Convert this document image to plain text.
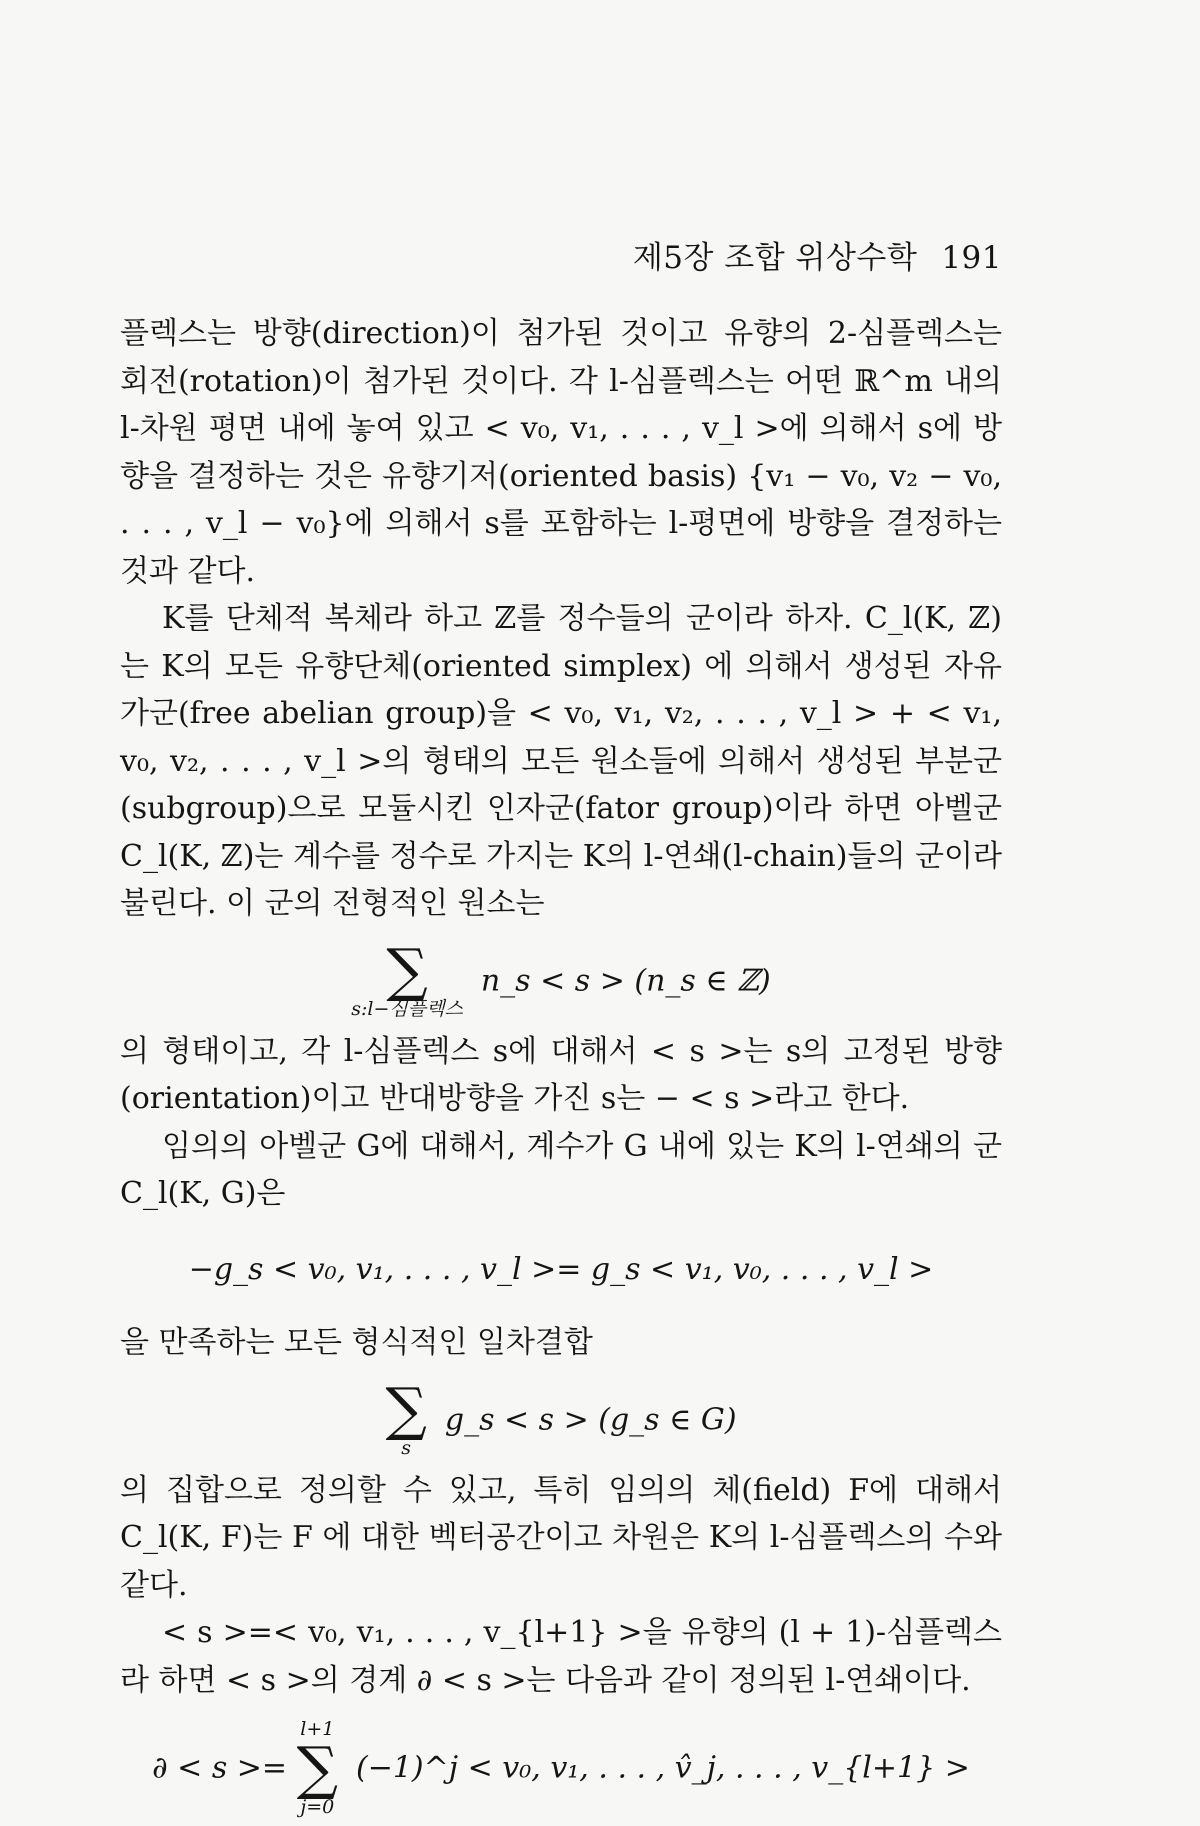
제5장 조합 위상수학 191

플렉스는 방향(direction)이 첨가된 것이고 유향의 2-심플렉스는 회전(rotation)이 첨가된 것이다. 각 l-심플렉스는 어떤 ℝ^m 내의 l-차원 평면 내에 놓여 있고 < v₀, v₁, . . . , v_l >에 의해서 s에 방향을 결정하는 것은 유향기저(oriented basis) {v₁ − v₀, v₂ − v₀, . . . , v_l − v₀}에 의해서 s를 포함하는 l-평면에 방향을 결정하는 것과 같다.

K를 단체적 복체라 하고 ℤ를 정수들의 군이라 하자. C_l(K, ℤ)는 K의 모든 유향단체(oriented simplex) 에 의해서 생성된 자유가군(free abelian group)을 < v₀, v₁, v₂, . . . , v_l > + < v₁, v₀, v₂, . . . , v_l >의 형태의 모든 원소들에 의해서 생성된 부분군(subgroup)으로 모듈시킨 인자군(fator group)이라 하면 아벨군 C_l(K, ℤ)는 계수를 정수로 가지는 K의 l-연쇄(l-chain)들의 군이라 불린다. 이 군의 전형적인 원소는

∑
s:l−심플렉스
n_s < s > (n_s ∈ ℤ)

의 형태이고, 각 l-심플렉스 s에 대해서 < s >는 s의 고정된 방향(orientation)이고 반대방향을 가진 s는 − < s >라고 한다.

임의의 아벨군 G에 대해서, 계수가 G 내에 있는 K의 l-연쇄의 군 C_l(K, G)은

−g_s < v₀, v₁, . . . , v_l >= g_s < v₁, v₀, . . . , v_l >

을 만족하는 모든 형식적인 일차결합

∑
s
g_s < s > (g_s ∈ G)

의 집합으로 정의할 수 있고, 특히 임의의 체(field) F에 대해서 C_l(K, F)는 F 에 대한 벡터공간이고 차원은 K의 l-심플렉스의 수와 같다.

< s >=< v₀, v₁, . . . , v_{l+1} >을 유향의 (l + 1)-심플렉스라 하면 < s >의 경계 ∂ < s >는 다음과 같이 정의된 l-연쇄이다.

∂ < s >=
l+1
∑
j=0
(−1)^j < v₀, v₁, . . . , v̂_j, . . . , v_{l+1} >
